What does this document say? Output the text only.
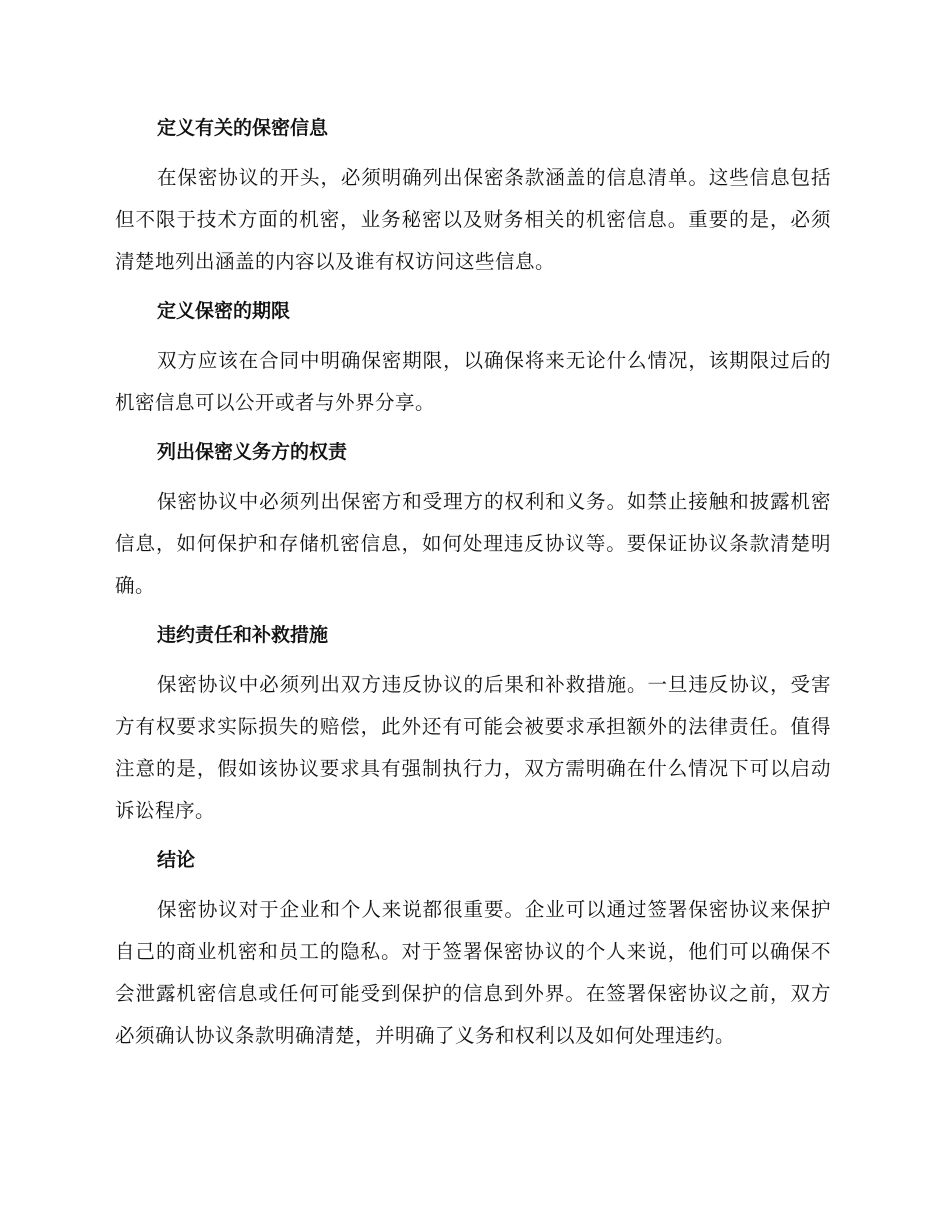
定义有关的保密信息

在保密协议的开头，必须明确列出保密条款涵盖的信息清单。这些信息包括但不限于技术方面的机密，业务秘密以及财务相关的机密信息。重要的是，必须清楚地列出涵盖的内容以及谁有权访问这些信息。

定义保密的期限

双方应该在合同中明确保密期限，以确保将来无论什么情况，该期限过后的机密信息可以公开或者与外界分享。

列出保密义务方的权责

保密协议中必须列出保密方和受理方的权利和义务。如禁止接触和披露机密信息，如何保护和存储机密信息，如何处理违反协议等。要保证协议条款清楚明确。

违约责任和补救措施

保密协议中必须列出双方违反协议的后果和补救措施。一旦违反协议，受害方有权要求实际损失的赔偿，此外还有可能会被要求承担额外的法律责任。值得注意的是，假如该协议要求具有强制执行力，双方需明确在什么情况下可以启动诉讼程序。

结论

保密协议对于企业和个人来说都很重要。企业可以通过签署保密协议来保护自己的商业机密和员工的隐私。对于签署保密协议的个人来说，他们可以确保不会泄露机密信息或任何可能受到保护的信息到外界。在签署保密协议之前，双方必须确认协议条款明确清楚，并明确了义务和权利以及如何处理违约。
